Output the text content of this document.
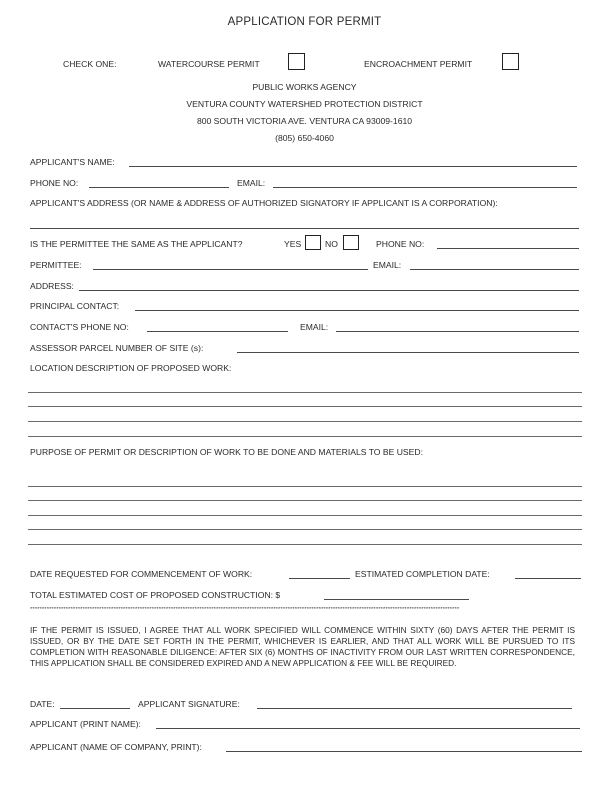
APPLICATION FOR PERMIT
CHECK ONE:	WATERCOURSE PERMIT	ENCROACHMENT PERMIT
PUBLIC WORKS AGENCY
VENTURA COUNTY WATERSHED PROTECTION DISTRICT
800 SOUTH VICTORIA AVE. VENTURA CA 93009-1610
(805) 650-4060
APPLICANT'S NAME:
PHONE NO:	EMAIL:
APPLICANT'S ADDRESS (OR NAME & ADDRESS OF AUTHORIZED SIGNATORY IF APPLICANT IS A CORPORATION):
IS THE PERMITTEE THE SAME AS THE APPLICANT?	YES	NO	PHONE NO:
PERMITTEE:	EMAIL:
ADDRESS:
PRINCIPAL CONTACT:
CONTACT'S PHONE NO:	EMAIL:
ASSESSOR PARCEL NUMBER OF SITE (s):
LOCATION DESCRIPTION OF PROPOSED WORK:
PURPOSE OF PERMIT OR DESCRIPTION OF WORK TO BE DONE AND MATERIALS TO BE USED:
DATE REQUESTED FOR COMMENCEMENT OF WORK:	ESTIMATED COMPLETION DATE:
TOTAL ESTIMATED COST OF PROPOSED CONSTRUCTION: $
************************************************************************************************************************************************************************************
IF THE PERMIT IS ISSUED, I AGREE THAT ALL WORK SPECIFIED WILL COMMENCE WITHIN SIXTY (60) DAYS AFTER THE PERMIT IS ISSUED, OR BY THE DATE SET FORTH IN THE PERMIT, WHICHEVER IS EARLIER, AND THAT ALL WORK WILL BE PURSUED TO ITS COMPLETION WITH REASONABLE DILIGENCE: AFTER SIX (6) MONTHS OF INACTIVITY FROM OUR LAST WRITTEN CORRESPONDENCE, THIS APPLICATION SHALL BE CONSIDERED EXPIRED AND A NEW APPLICATION & FEE WILL BE REQUIRED.
DATE:	APPLICANT SIGNATURE:
APPLICANT (PRINT NAME):
APPLICANT (NAME OF COMPANY, PRINT):
